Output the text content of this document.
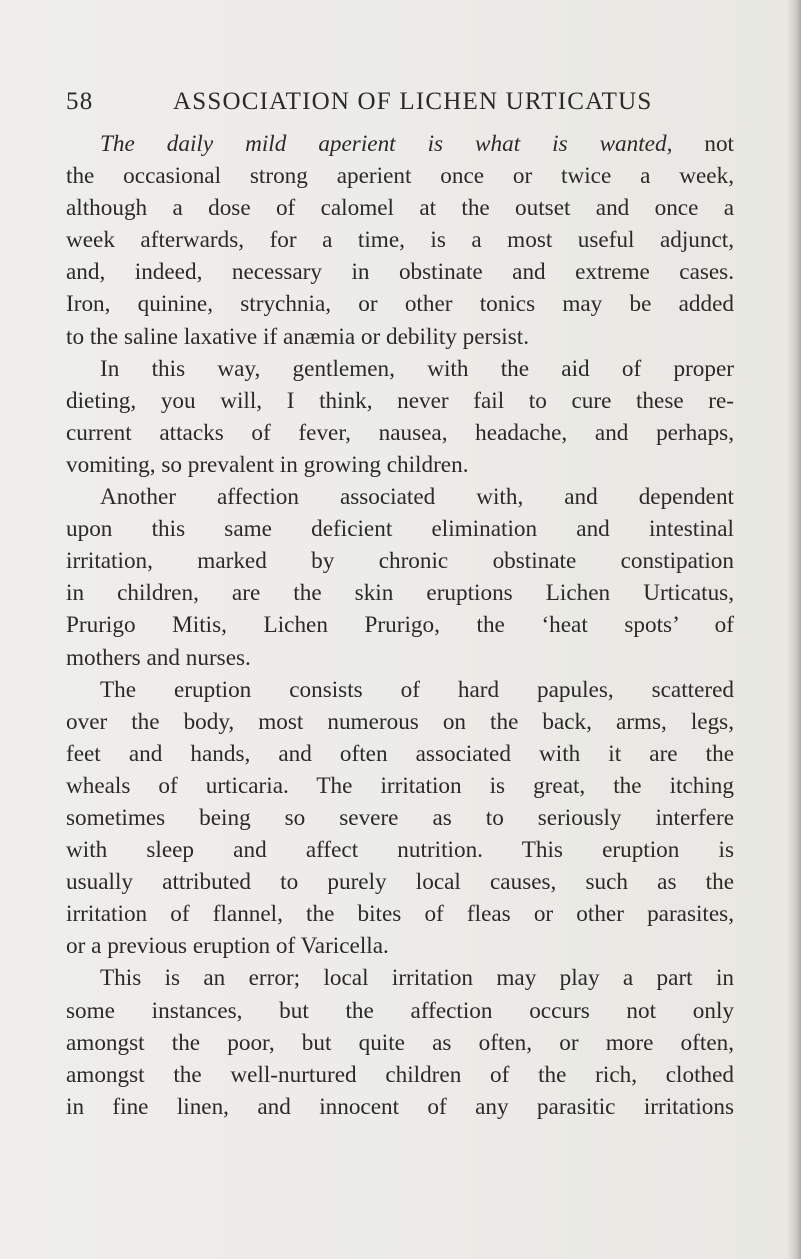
58	ASSOCIATION OF LICHEN URTICATUS
The daily mild aperient is what is wanted, not
the occasional strong aperient once or twice a week,
although a dose of calomel at the outset and once a
week afterwards, for a time, is a most useful adjunct,
and, indeed, necessary in obstinate and extreme cases.
Iron, quinine, strychnia, or other tonics may be added
to the saline laxative if anæmia or debility persist.
In this way, gentlemen, with the aid of proper
dieting, you will, I think, never fail to cure these re-
current attacks of fever, nausea, headache, and perhaps,
vomiting, so prevalent in growing children.
Another affection associated with, and dependent
upon this same deficient elimination and intestinal
irritation, marked by chronic obstinate constipation
in children, are the skin eruptions Lichen Urticatus,
Prurigo Mitis, Lichen Prurigo, the ‘heat spots’ of
mothers and nurses.
The eruption consists of hard papules, scattered
over the body, most numerous on the back, arms, legs,
feet and hands, and often associated with it are the
wheals of urticaria. The irritation is great, the itching
sometimes being so severe as to seriously interfere
with sleep and affect nutrition. This eruption is
usually attributed to purely local causes, such as the
irritation of flannel, the bites of fleas or other parasites,
or a previous eruption of Varicella.
This is an error; local irritation may play a part in
some instances, but the affection occurs not only
amongst the poor, but quite as often, or more often,
amongst the well-nurtured children of the rich, clothed
in fine linen, and innocent of any parasitic irritations
